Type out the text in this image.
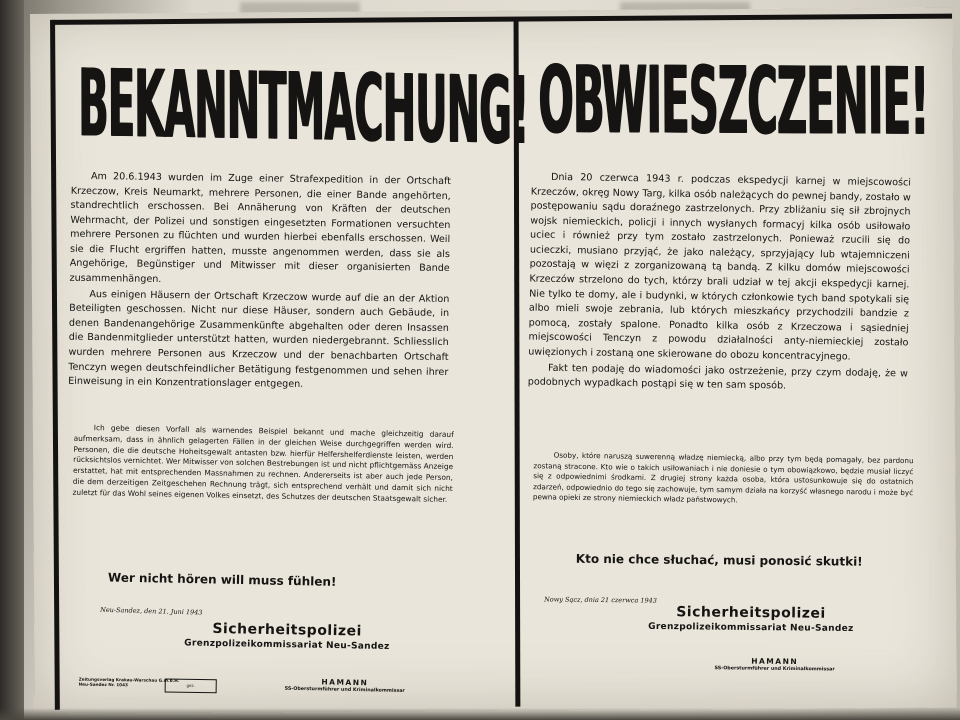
BEKANNTMACHUNG!

Am 20.6.1943 wurden im Zuge einer Strafexpedition in der Ortschaft Krzeczow, Kreis Neumarkt, mehrere Personen, die einer Bande angehörten, standrechtlich erschossen. Bei Annäherung von Kräften der deutschen Wehrmacht, der Polizei und sonstigen eingesetzten Formationen versuchten mehrere Personen zu flüchten und wurden hierbei ebenfalls erschossen. Weil sie die Flucht ergriffen hatten, musste angenommen werden, dass sie als Angehörige, Begünstiger und Mitwisser mit dieser organisierten Bande zusammenhängen.

Aus einigen Häusern der Ortschaft Krzeczow wurde auf die an der Aktion Beteiligten geschossen. Nicht nur diese Häuser, sondern auch Gebäude, in denen Bandenangehörige Zusammenkünfte abgehalten oder deren Insassen die Bandenmitglieder unterstützt hatten, wurden niedergebrannt. Schliesslich wurden mehrere Personen aus Krzeczow und der benachbarten Ortschaft Tenczyn wegen deutschfeindlicher Betätigung festgenommen und sehen ihrer Einweisung in ein Konzentrationslager entgegen.

Ich gebe diesen Vorfall als warnendes Beispiel bekannt und mache gleichzeitig darauf aufmerksam, dass in ähnlich gelagerten Fällen in der gleichen Weise durchgegriffen werden wird. Personen, die die deutsche Hoheitsgewalt antasten bzw. hierfür Helfershelferdienste leisten, werden rücksichtslos vernichtet. Wer Mitwisser von solchen Bestrebungen ist und nicht pflichtgemäss Anzeige erstattet, hat mit entsprechenden Massnahmen zu rechnen. Andererseits ist aber auch jede Person, die dem derzeitigen Zeitgeschehen Rechnung trägt, sich entsprechend verhält und damit sich nicht zuletzt für das Wohl seines eigenen Volkes einsetzt, des Schutzes der deutschen Staatsgewalt sicher.

Wer nicht hören will muss fühlen!
Neu-Sandez, den 21. Juni 1943
Sicherheitspolizei
Grenzpolizeikommissariat Neu-Sandez
Zeitungsverlag Krakau-Warschau G.m.b.H.
Neu-Sandez Nr. 1043	gez.	HAMANN
SS-Obersturmführer und Kriminalkommissar
OBWIESZCZENIE!

Dnia 20 czerwca 1943 r. podczas ekspedycji karnej w miejscowości Krzeczów, okręg Nowy Targ, kilka osób należących do pewnej bandy, zostało w postępowaniu sądu doraźnego zastrzelonych. Przy zbliżaniu się sił zbrojnych wojsk niemieckich, policji i innych wysłanych formacyj kilka osób usiłowało uciec i również przy tym zostało zastrzelonych. Ponieważ rzucili się do ucieczki, musiano przyjąć, że jako należący, sprzyjający lub wtajemniczeni pozostają w więzi z zorganizowaną tą bandą. Z kilku domów miejscowości Krzeczów strzelono do tych, którzy brali udział w tej akcji ekspedycji karnej. Nie tylko te domy, ale i budynki, w których członkowie tych band spotykali się albo mieli swoje zebrania, lub których mieszkańcy przychodzili bandzie z pomocą, zostały spalone. Ponadto kilka osób z Krzeczowa i sąsiedniej miejscowości Tenczyn z powodu działalności anty-niemieckiej zostało uwięzionych i zostaną one skierowane do obozu koncentracyjnego.

Fakt ten podaję do wiadomości jako ostrzeżenie, przy czym dodaję, że w podobnych wypadkach postąpi się w ten sam sposób.

Osoby, które naruszą suwerenną władzę niemiecką, albo przy tym będą pomagały, bez pardonu zostaną stracone. Kto wie o takich usiłowaniach i nie doniesie o tym obowiązkowo, będzie musiał liczyć się z odpowiednimi środkami. Z drugiej strony każda osoba, która ustosunkowuje się do ostatnich zdarzeń, odpowiednio do tego się zachowuje, tym samym działa na korzyść własnego narodu i może być pewna opieki ze strony niemieckich władz państwowych.

Kto nie chce słuchać, musi ponosić skutki!
Nowy Sącz, dnia 21 czerwca 1943
Sicherheitspolizei
Grenzpolizeikommissariat Neu-Sandez
HAMANN
SS-Obersturmführer und Kriminalkommissar
